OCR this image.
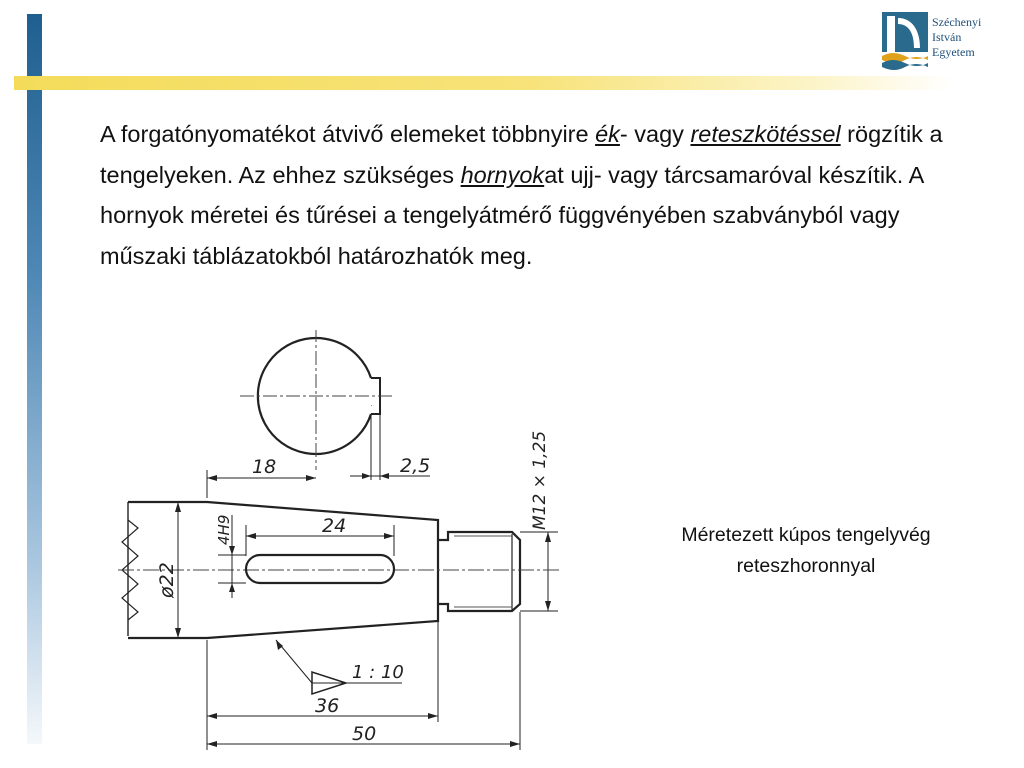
Széchenyi
István
Egyetem

A forgatónyomatékot átvivő elemeket többnyire ék- vagy reteszkötéssel rögzítik a tengelyeken. Az ehhez szükséges hornyokat ujj- vagy tárcsamaróval készítik. A hornyok méretei és tűrései a tengelyátmérő függvényében szabványból vagy műszaki táblázatokból határozhatók meg.

18	2,5	M12 × 1,25
24
4H9
ø22
1 : 10
36
50
Méretezett kúpos tengelyvég
reteszhoronnyal
